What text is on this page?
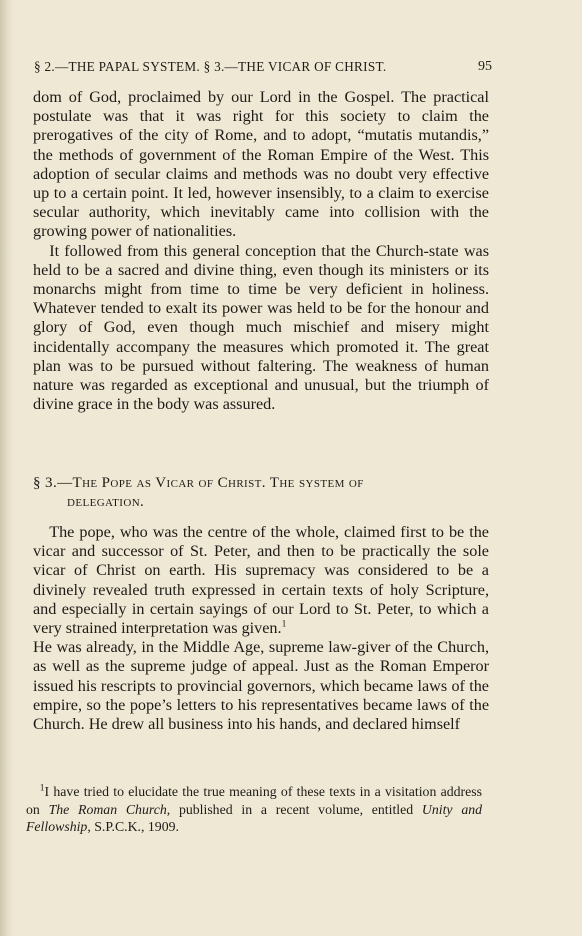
§ 2.—THE PAPAL SYSTEM. § 3.—THE VICAR OF CHRIST.	95

dom of God, proclaimed by our Lord in the Gospel. The practical postulate was that it was right for this society to claim the prerogatives of the city of Rome, and to adopt, “mutatis mutandis,” the methods of government of the Roman Empire of the West. This adoption of secular claims and methods was no doubt very effective up to a certain point. It led, however insensibly, to a claim to exercise secular authority, which inevitably came into collision with the growing power of nationalities.

It followed from this general conception that the Church-state was held to be a sacred and divine thing, even though its ministers or its monarchs might from time to time be very deficient in holiness. Whatever tended to exalt its power was held to be for the honour and glory of God, even though much mischief and misery might incidentally accompany the measures which promoted it. The great plan was to be pursued without faltering. The weakness of human nature was regarded as exceptional and unusual, but the triumph of divine grace in the body was assured.

§ 3.—The Pope as Vicar of Christ. The system of
delegation.

The pope, who was the centre of the whole, claimed first to be the vicar and successor of St. Peter, and then to be practically the sole vicar of Christ on earth. His supremacy was considered to be a divinely revealed truth expressed in certain texts of holy Scripture, and especially in certain sayings of our Lord to St. Peter, to which a very strained interpretation was given.$^1$

He was already, in the Middle Age, supreme law-giver of the Church, as well as the supreme judge of appeal. Just as the Roman Emperor issued his rescripts to provincial governors, which became laws of the empire, so the pope’s letters to his representatives became laws of the Church. He drew all business into his hands, and declared himself

$^1$I have tried to elucidate the true meaning of these texts in a visitation address on The Roman Church, published in a recent volume, entitled Unity and Fellowship, S.P.C.K., 1909.
